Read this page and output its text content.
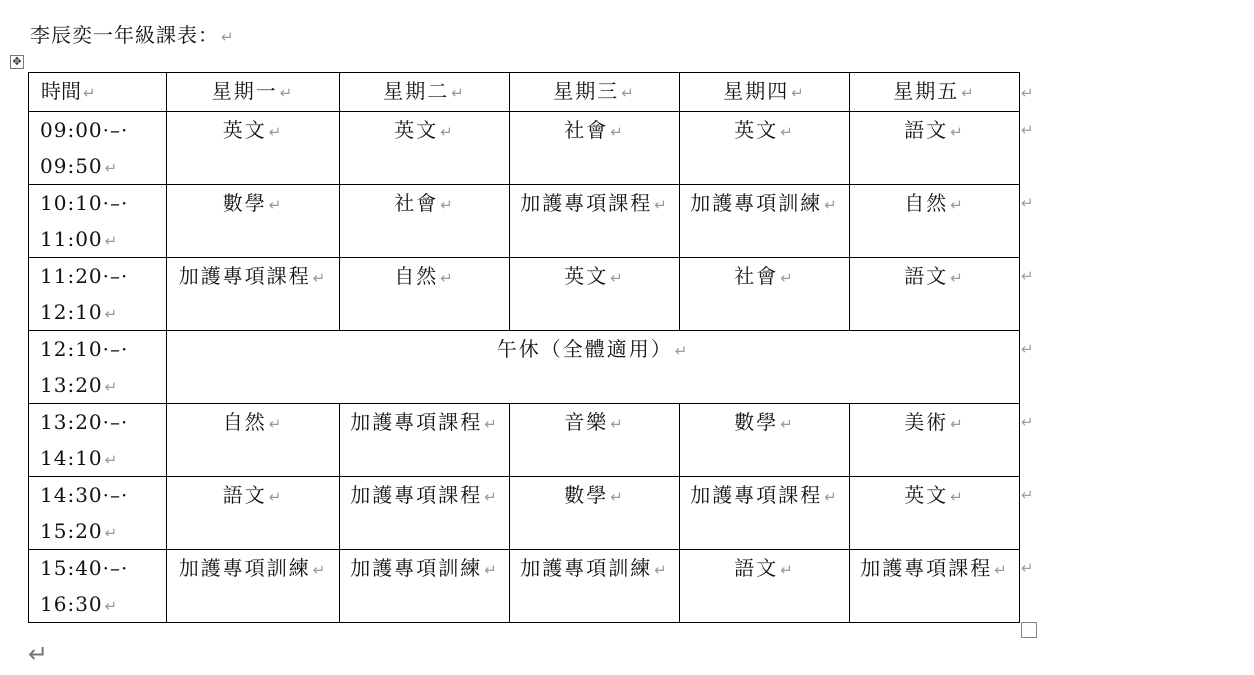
李辰奕一年級課表： ↵
✥
時間 ↵	星期一 ↵	星期二 ↵	星期三 ↵	星期四 ↵	星期五 ↵

09:00·–·
09:50 ↵	英文 ↵	英文 ↵	社會 ↵	英文 ↵	語文 ↵

10:10·–·
11:00 ↵	數學 ↵	社會 ↵	加護專項課程 ↵	加護專項訓練 ↵	自然 ↵

11:20·–·
12:10 ↵	加護專項課程 ↵	自然 ↵	英文 ↵	社會 ↵	語文 ↵

12:10·–·
13:20 ↵	午休（全體適用） ↵				

13:20·–·
14:10 ↵	自然 ↵	加護專項課程 ↵	音樂 ↵	數學 ↵	美術 ↵

14:30·–·
15:20 ↵	語文 ↵	加護專項課程 ↵	數學 ↵	加護專項課程 ↵	英文 ↵

15:40·–·
16:30 ↵	加護專項訓練 ↵	加護專項訓練 ↵	加護專項訓練 ↵	語文 ↵	加護專項課程 ↵
↵
↵
↵
↵
↵
↵
↵
↵
↵
